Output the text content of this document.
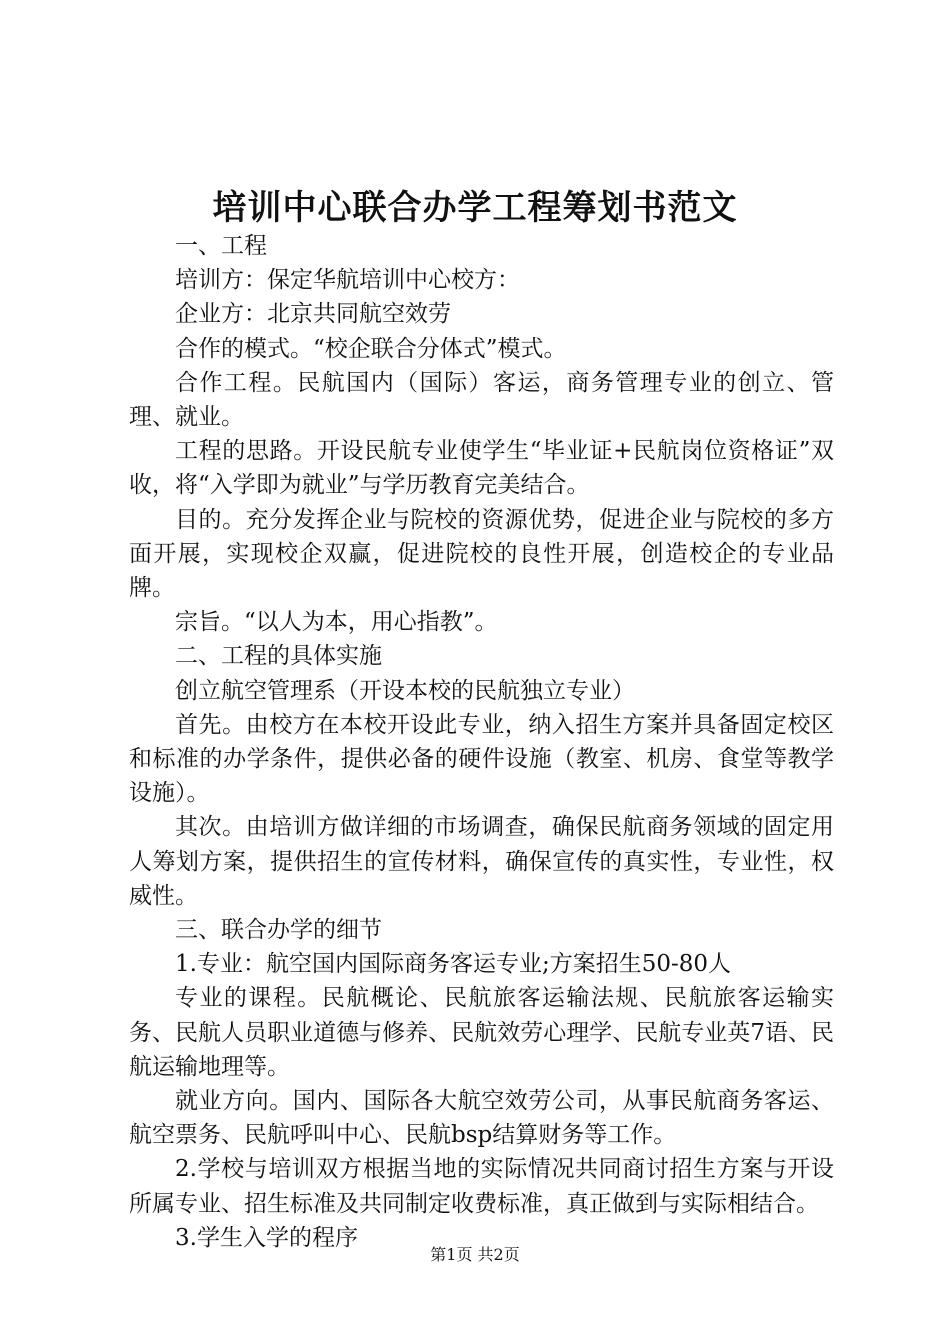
培训中心联合办学工程筹划书范文

一、工程

培训方：保定华航培训中心校方：

企业方：北京共同航空效劳

合作的模式。“校企联合分体式”模式。

合作工程。民航国内（国际）客运，商务管理专业的创立、管理、就业。

工程的思路。开设民航专业使学生“毕业证+民航岗位资格证”双收，将“入学即为就业”与学历教育完美结合。

目的。充分发挥企业与院校的资源优势，促进企业与院校的多方面开展，实现校企双赢，促进院校的良性开展，创造校企的专业品牌。

宗旨。“以人为本，用心指教”。

二、工程的具体实施

创立航空管理系（开设本校的民航独立专业）

首先。由校方在本校开设此专业，纳入招生方案并具备固定校区和标准的办学条件，提供必备的硬件设施（教室、机房、食堂等教学设施）。

其次。由培训方做详细的市场调查，确保民航商务领域的固定用人筹划方案，提供招生的宣传材料，确保宣传的真实性，专业性，权威性。

三、联合办学的细节

1.专业：航空国内国际商务客运专业;方案招生50-80人

专业的课程。民航概论、民航旅客运输法规、民航旅客运输实务、民航人员职业道德与修养、民航效劳心理学、民航专业英7语、民航运输地理等。

就业方向。国内、国际各大航空效劳公司，从事民航商务客运、航空票务、民航呼叫中心、民航bsp结算财务等工作。

2.学校与培训双方根据当地的实际情况共同商讨招生方案与开设所属专业、招生标准及共同制定收费标准，真正做到与实际相结合。

3.学生入学的程序

第1页 共2页
